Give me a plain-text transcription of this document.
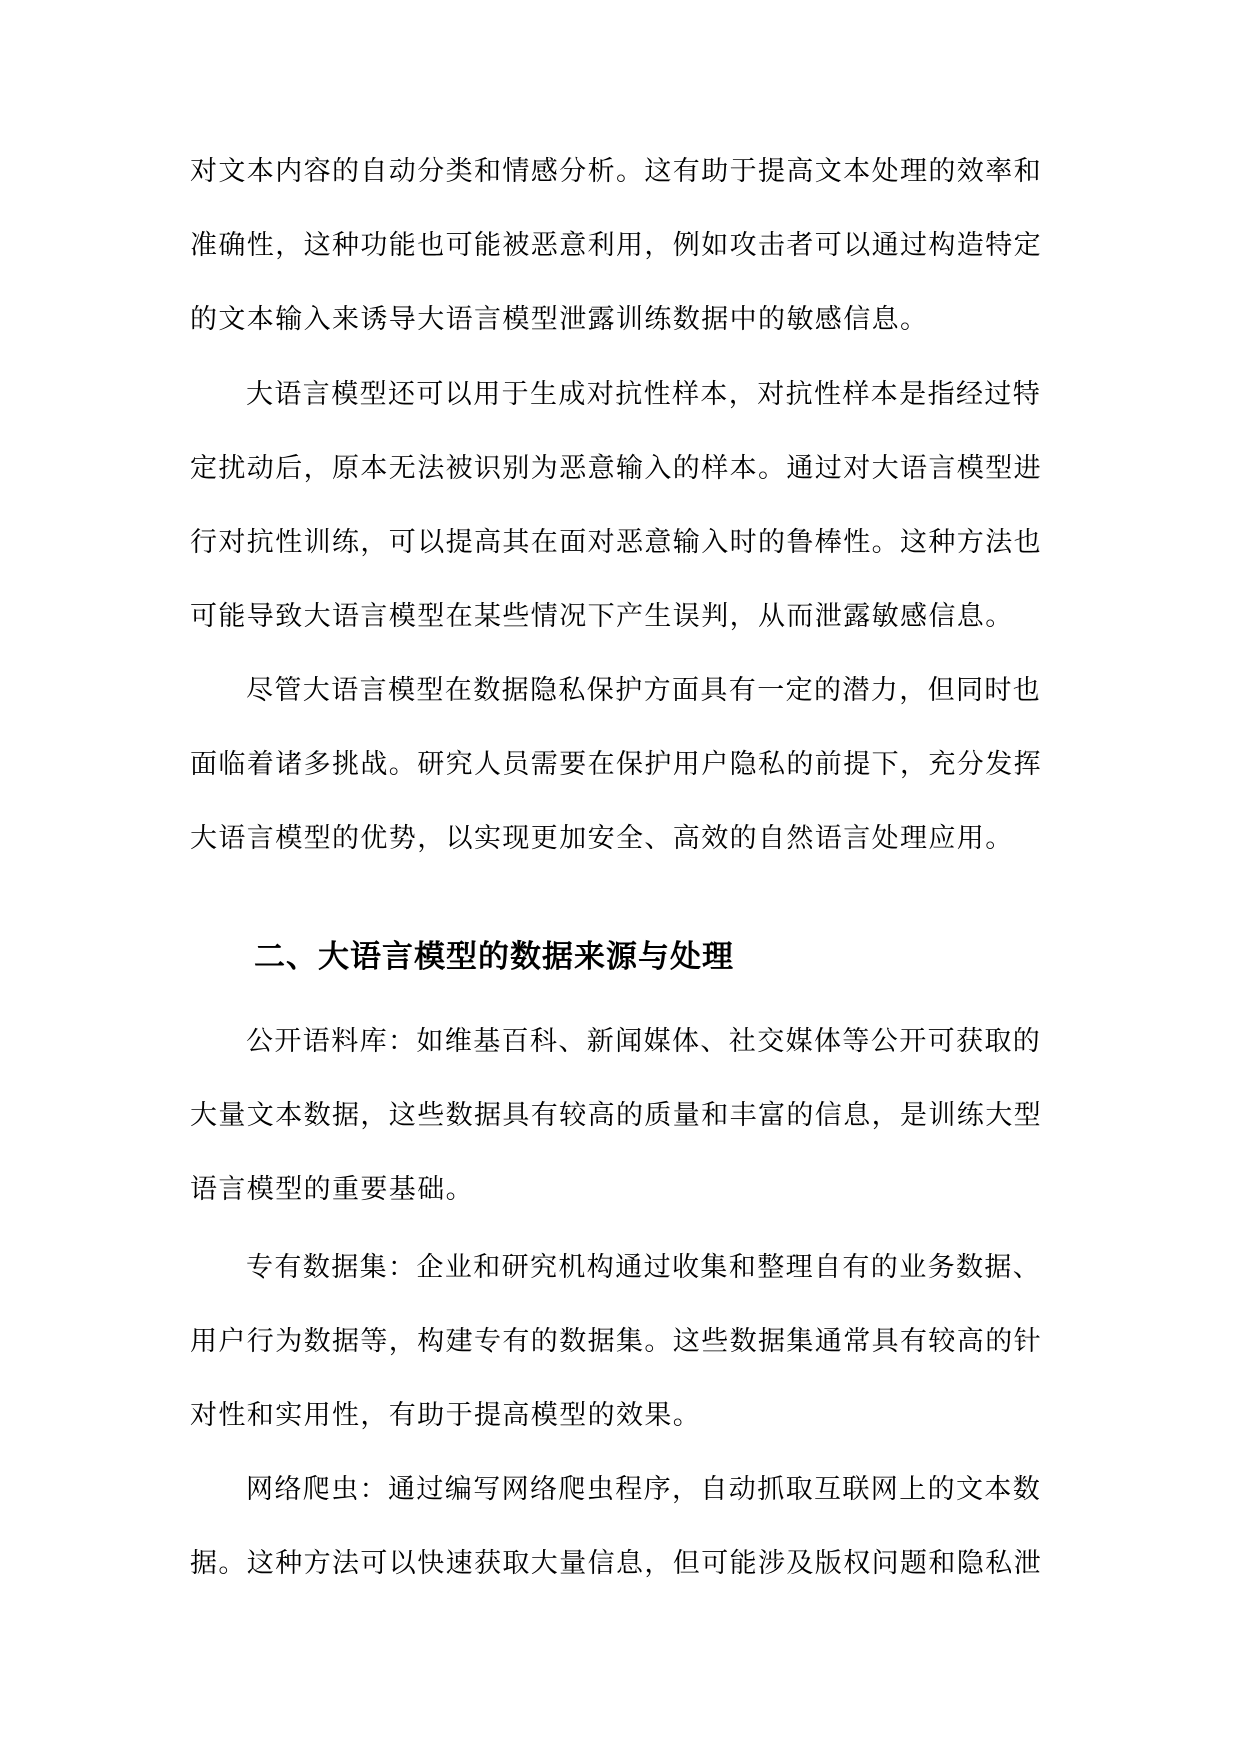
对文本内容的自动分类和情感分析。这有助于提高文本处理的效率和
准确性，这种功能也可能被恶意利用，例如攻击者可以通过构造特定
的文本输入来诱导大语言模型泄露训练数据中的敏感信息。
大语言模型还可以用于生成对抗性样本，对抗性样本是指经过特
定扰动后，原本无法被识别为恶意输入的样本。通过对大语言模型进
行对抗性训练，可以提高其在面对恶意输入时的鲁棒性。这种方法也
可能导致大语言模型在某些情况下产生误判，从而泄露敏感信息。
尽管大语言模型在数据隐私保护方面具有一定的潜力，但同时也
面临着诸多挑战。研究人员需要在保护用户隐私的前提下，充分发挥
大语言模型的优势，以实现更加安全、高效的自然语言处理应用。
二、大语言模型的数据来源与处理
公开语料库：如维基百科、新闻媒体、社交媒体等公开可获取的
大量文本数据，这些数据具有较高的质量和丰富的信息，是训练大型
语言模型的重要基础。
专有数据集：企业和研究机构通过收集和整理自有的业务数据、
用户行为数据等，构建专有的数据集。这些数据集通常具有较高的针
对性和实用性，有助于提高模型的效果。
网络爬虫：通过编写网络爬虫程序，自动抓取互联网上的文本数
据。这种方法可以快速获取大量信息，但可能涉及版权问题和隐私泄
